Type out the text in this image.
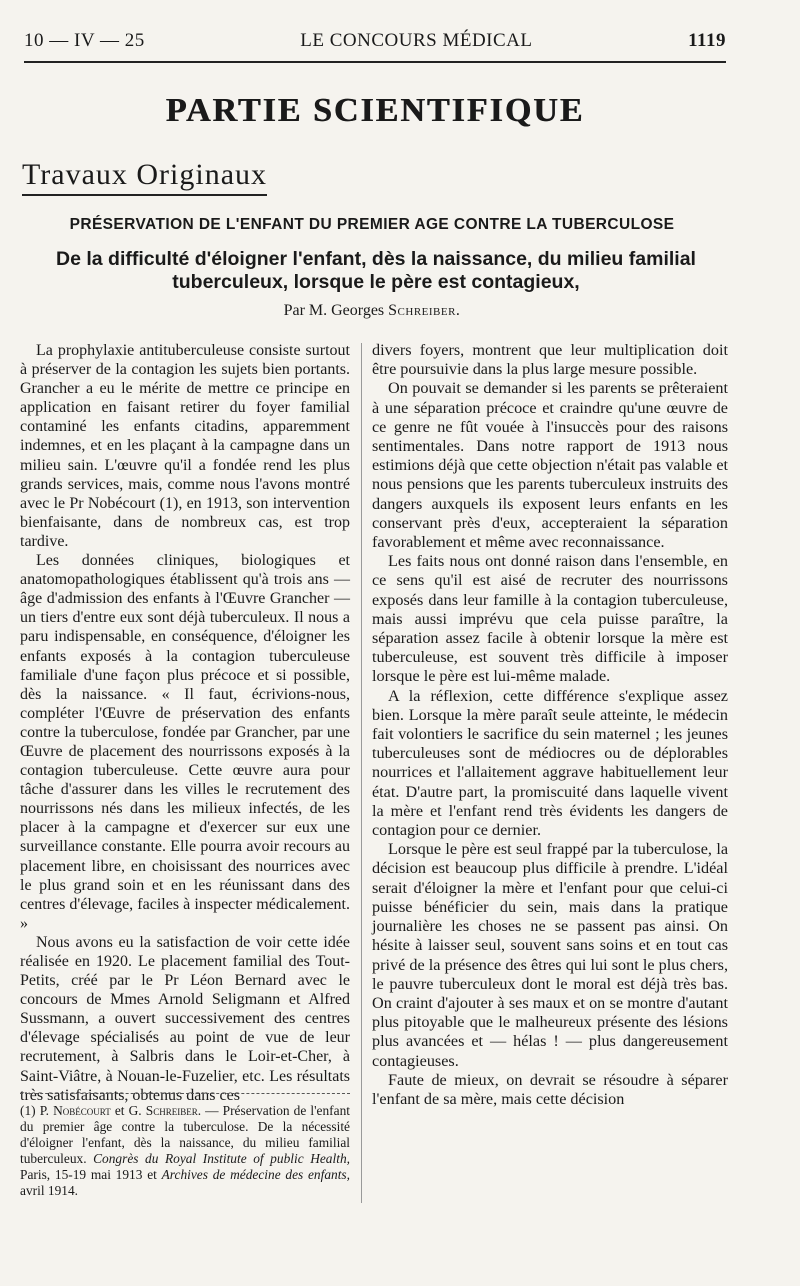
10 — IV — 25	LE CONCOURS MÉDICAL	1119
PARTIE SCIENTIFIQUE
Travaux Originaux
PRÉSERVATION DE L'ENFANT DU PREMIER AGE CONTRE LA TUBERCULOSE
De la difficulté d'éloigner l'enfant, dès la naissance, du milieu familial
tuberculeux, lorsque le père est contagieux,
Par M. Georges Schreiber.

La prophylaxie antituberculeuse consiste surtout à préserver de la contagion les sujets bien portants. Grancher a eu le mérite de mettre ce principe en application en faisant retirer du foyer familial contaminé les enfants citadins, apparemment indemnes, et en les plaçant à la campagne dans un milieu sain. L'œuvre qu'il a fondée rend les plus grands services, mais, comme nous l'avons montré avec le Pr Nobécourt (1), en 1913, son intervention bienfaisante, dans de nombreux cas, est trop tardive.

Les données cliniques, biologiques et anatomopathologiques établissent qu'à trois ans — âge d'admission des enfants à l'Œuvre Grancher — un tiers d'entre eux sont déjà tuberculeux. Il nous a paru indispensable, en conséquence, d'éloigner les enfants exposés à la contagion tuberculeuse familiale d'une façon plus précoce et si possible, dès la naissance. « Il faut, écrivions-nous, compléter l'Œuvre de préservation des enfants contre la tuberculose, fondée par Grancher, par une Œuvre de placement des nourrissons exposés à la contagion tuberculeuse. Cette œuvre aura pour tâche d'assurer dans les villes le recrutement des nourrissons nés dans les milieux infectés, de les placer à la campagne et d'exercer sur eux une surveillance constante. Elle pourra avoir recours au placement libre, en choisissant des nourrices avec le plus grand soin et en les réunissant dans des centres d'élevage, faciles à inspecter médicalement. »

Nous avons eu la satisfaction de voir cette idée réalisée en 1920. Le placement familial des Tout-Petits, créé par le Pr Léon Bernard avec le concours de Mmes Arnold Seligmann et Alfred Sussmann, a ouvert successivement des centres d'élevage spécialisés au point de vue de leur recrutement, à Salbris dans le Loir-et-Cher, à Saint-Viâtre, à Nouan-le-Fuzelier, etc. Les résultats très satisfaisants, obtenus dans ces

divers foyers, montrent que leur multiplication doit être poursuivie dans la plus large mesure possible.

On pouvait se demander si les parents se prêteraient à une séparation précoce et craindre qu'une œuvre de ce genre ne fût vouée à l'insuccès pour des raisons sentimentales. Dans notre rapport de 1913 nous estimions déjà que cette objection n'était pas valable et nous pensions que les parents tuberculeux instruits des dangers auxquels ils exposent leurs enfants en les conservant près d'eux, accepteraient la séparation favorablement et même avec reconnaissance.

Les faits nous ont donné raison dans l'ensemble, en ce sens qu'il est aisé de recruter des nourrissons exposés dans leur famille à la contagion tuberculeuse, mais aussi imprévu que cela puisse paraître, la séparation assez facile à obtenir lorsque la mère est tuberculeuse, est souvent très difficile à imposer lorsque le père est lui-même malade.

A la réflexion, cette différence s'explique assez bien. Lorsque la mère paraît seule atteinte, le médecin fait volontiers le sacrifice du sein maternel ; les jeunes tuberculeuses sont de médiocres ou de déplorables nourrices et l'allaitement aggrave habituellement leur état. D'autre part, la promiscuité dans laquelle vivent la mère et l'enfant rend très évidents les dangers de contagion pour ce dernier.

Lorsque le père est seul frappé par la tuberculose, la décision est beaucoup plus difficile à prendre. L'idéal serait d'éloigner la mère et l'enfant pour que celui-ci puisse bénéficier du sein, mais dans la pratique journalière les choses ne se passent pas ainsi. On hésite à laisser seul, souvent sans soins et en tout cas privé de la présence des êtres qui lui sont le plus chers, le pauvre tuberculeux dont le moral est déjà très bas. On craint d'ajouter à ses maux et on se montre d'autant plus pitoyable que le malheureux présente des lésions plus avancées et — hélas ! — plus dangereusement contagieuses.

Faute de mieux, on devrait se résoudre à séparer l'enfant de sa mère, mais cette décision

(1) P. Nobécourt et G. Schreiber. — Préservation de l'enfant du premier âge contre la tuberculose. De la nécessité d'éloigner l'enfant, dès la naissance, du milieu familial tuberculeux. Congrès du Royal Institute of public Health, Paris, 15-19 mai 1913 et Archives de médecine des enfants, avril 1914.
